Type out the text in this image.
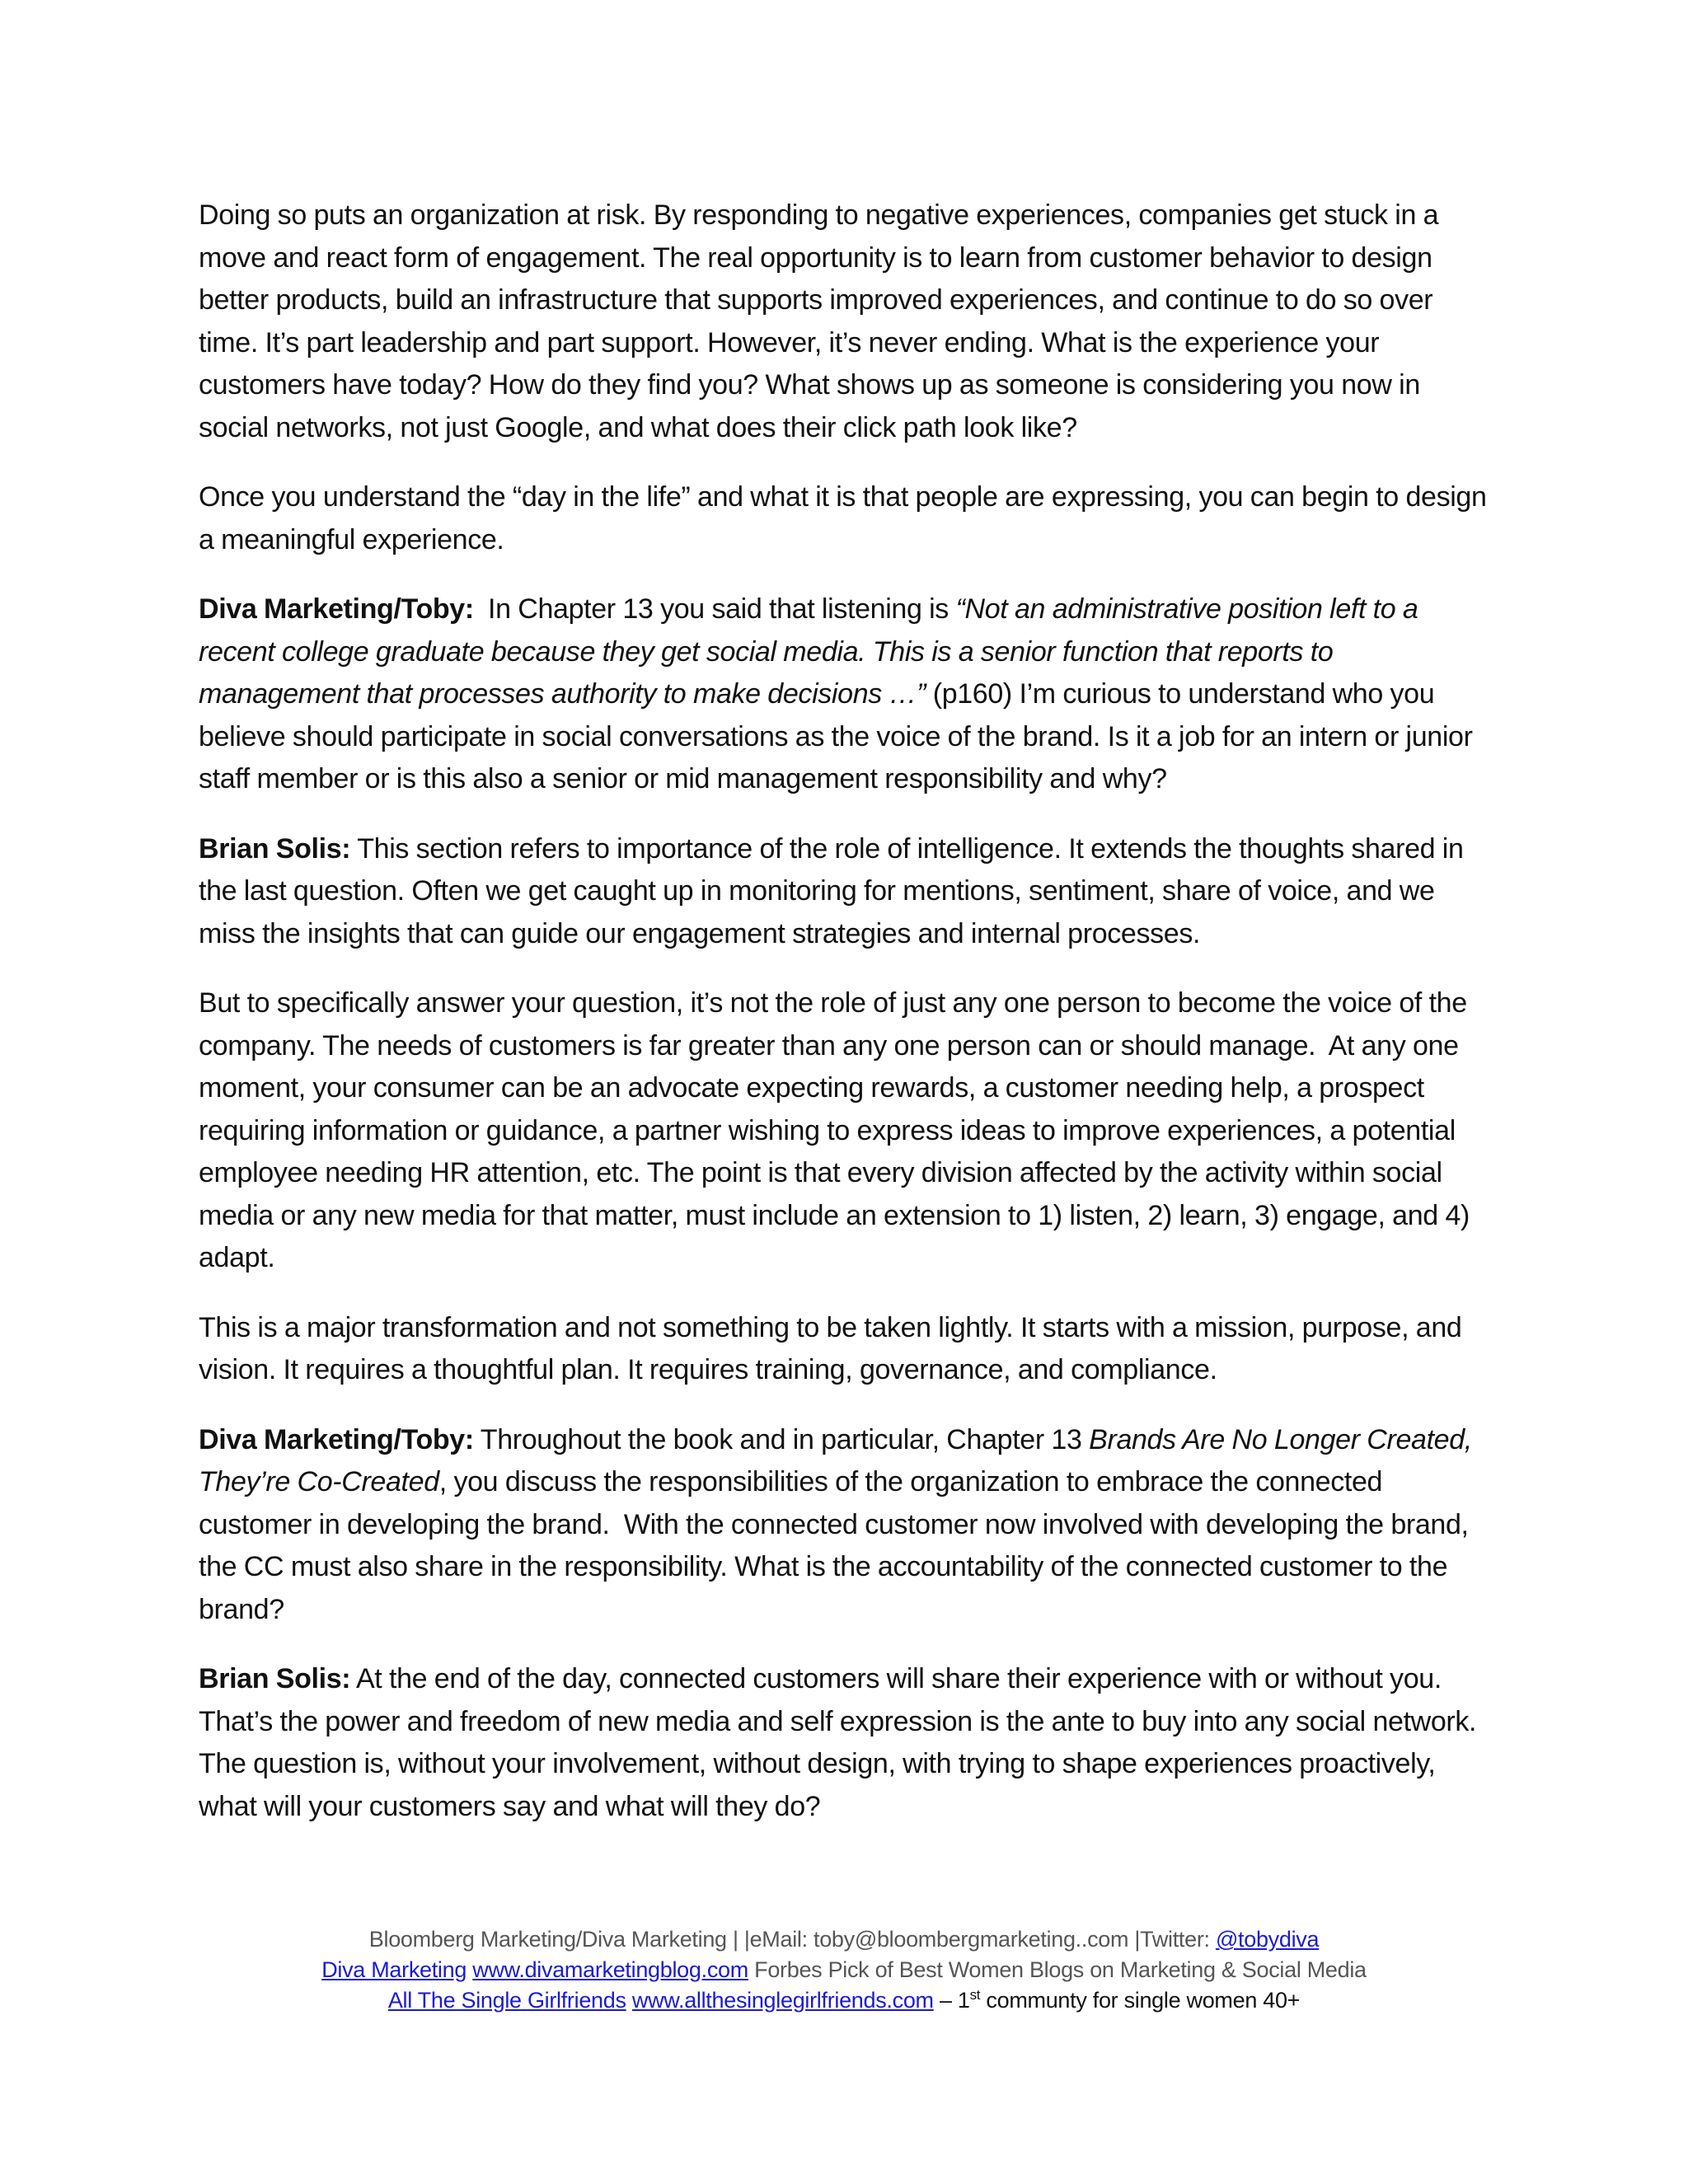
Doing so puts an organization at risk. By responding to negative experiences, companies get stuck in a move and react form of engagement. The real opportunity is to learn from customer behavior to design better products, build an infrastructure that supports improved experiences, and continue to do so over time. It’s part leadership and part support. However, it’s never ending. What is the experience your customers have today? How do they find you? What shows up as someone is considering you now in social networks, not just Google, and what does their click path look like?

Once you understand the “day in the life” and what it is that people are expressing, you can begin to design a meaningful experience.

Diva Marketing/Toby:  In Chapter 13 you said that listening is “Not an administrative position left to a recent college graduate because they get social media. This is a senior function that reports to management that processes authority to make decisions …” (p160) I’m curious to understand who you believe should participate in social conversations as the voice of the brand. Is it a job for an intern or junior staff member or is this also a senior or mid management responsibility and why?

Brian Solis: This section refers to importance of the role of intelligence. It extends the thoughts shared in the last question. Often we get caught up in monitoring for mentions, sentiment, share of voice, and we miss the insights that can guide our engagement strategies and internal processes.

But to specifically answer your question, it’s not the role of just any one person to become the voice of the company. The needs of customers is far greater than any one person can or should manage.  At any one moment, your consumer can be an advocate expecting rewards, a customer needing help, a prospect requiring information or guidance, a partner wishing to express ideas to improve experiences, a potential employee needing HR attention, etc. The point is that every division affected by the activity within social media or any new media for that matter, must include an extension to 1) listen, 2) learn, 3) engage, and 4) adapt.

This is a major transformation and not something to be taken lightly. It starts with a mission, purpose, and vision. It requires a thoughtful plan. It requires training, governance, and compliance.

Diva Marketing/Toby: Throughout the book and in particular, Chapter 13 Brands Are No Longer Created, They’re Co-Created, you discuss the responsibilities of the organization to embrace the connected customer in developing the brand.  With the connected customer now involved with developing the brand, the CC must also share in the responsibility. What is the accountability of the connected customer to the brand?

Brian Solis: At the end of the day, connected customers will share their experience with or without you. That’s the power and freedom of new media and self expression is the ante to buy into any social network. The question is, without your involvement, without design, with trying to shape experiences proactively, what will your customers say and what will they do?

Bloomberg Marketing/Diva Marketing | |eMail: toby@bloombergmarketing..com |Twitter: @tobydiva
Diva Marketing www.divamarketingblog.com Forbes Pick of Best Women Blogs on Marketing & Social Media
All The Single Girlfriends www.allthesinglegirlfriends.com – 1st communty for single women 40+
